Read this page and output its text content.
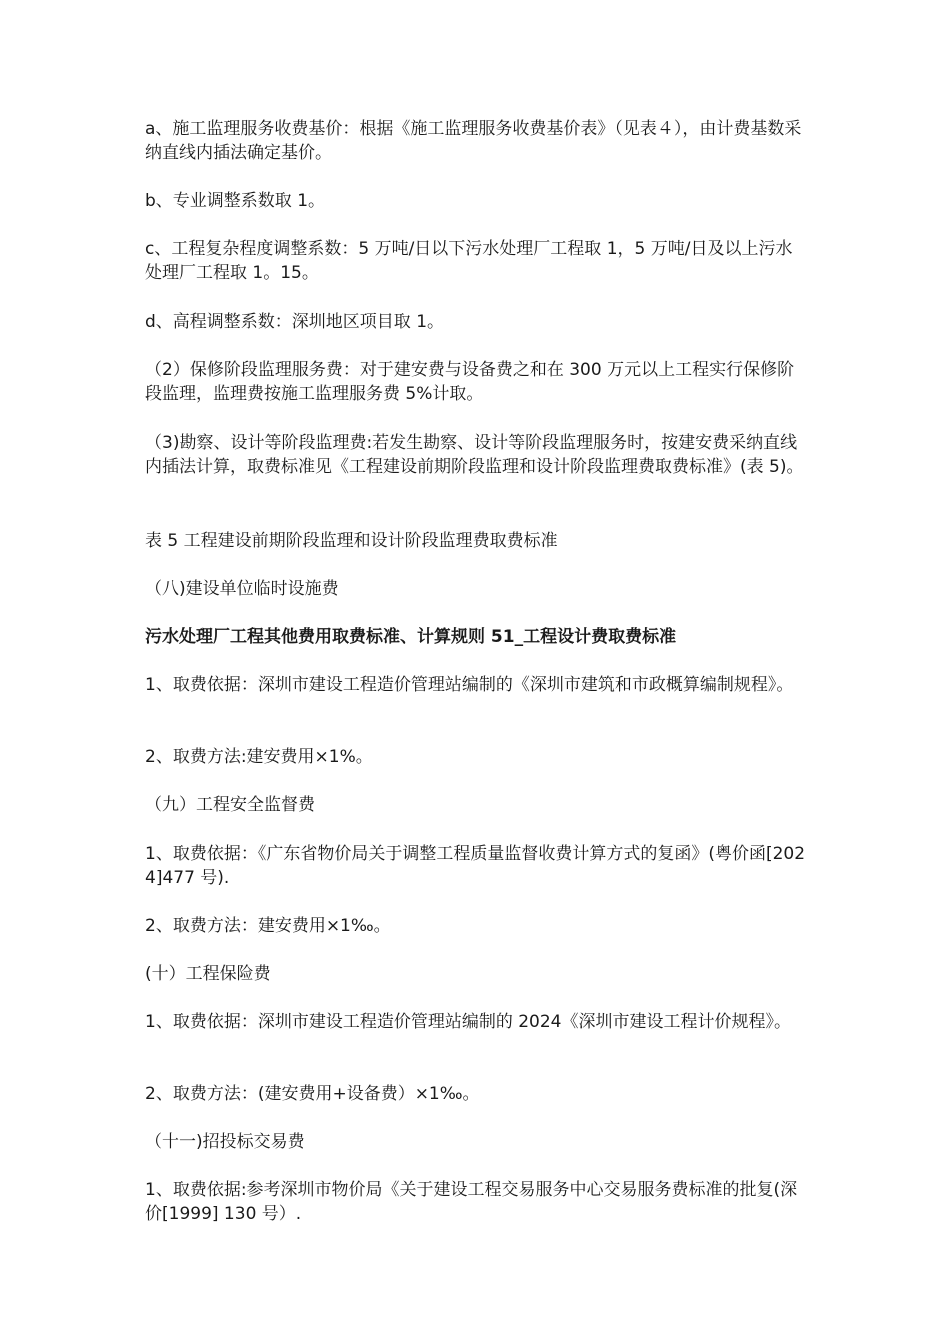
a、施工监理服务收费基价：根据《施工监理服务收费基价表》（见表４），由计费基数采纳直线内插法确定基价。

b、专业调整系数取 1。

c、工程复杂程度调整系数：5 万吨/日以下污水处理厂工程取 1，5 万吨/日及以上污水处理厂工程取 1。15。

d、高程调整系数：深圳地区项目取 1。

（2）保修阶段监理服务费：对于建安费与设备费之和在 300 万元以上工程实行保修阶段监理，监理费按施工监理服务费 5%计取。

（3)勘察、设计等阶段监理费:若发生勘察、设计等阶段监理服务时，按建安费采纳直线内插法计算，取费标准见《工程建设前期阶段监理和设计阶段监理费取费标准》(表 5)。

表 5 工程建设前期阶段监理和设计阶段监理费取费标准

（八)建设单位临时设施费

污水处理厂工程其他费用取费标准、计算规则 51_工程设计费取费标准

1、取费依据：深圳市建设工程造价管理站编制的《深圳市建筑和市政概算编制规程》。

2、取费方法:建安费用×1%。

（九）工程安全监督费

1、取费依据：《广东省物价局关于调整工程质量监督收费计算方式的复函》(粤价函[2024]477 号).

2、取费方法：建安费用×1‰。

(十）工程保险费

1、取费依据：深圳市建设工程造价管理站编制的 2024《深圳市建设工程计价规程》。

2、取费方法：(建安费用+设备费）×1‰。

（十一)招投标交易费

1、取费依据:参考深圳市物价局《关于建设工程交易服务中心交易服务费标准的批复(深价[1999] 130 号）.
